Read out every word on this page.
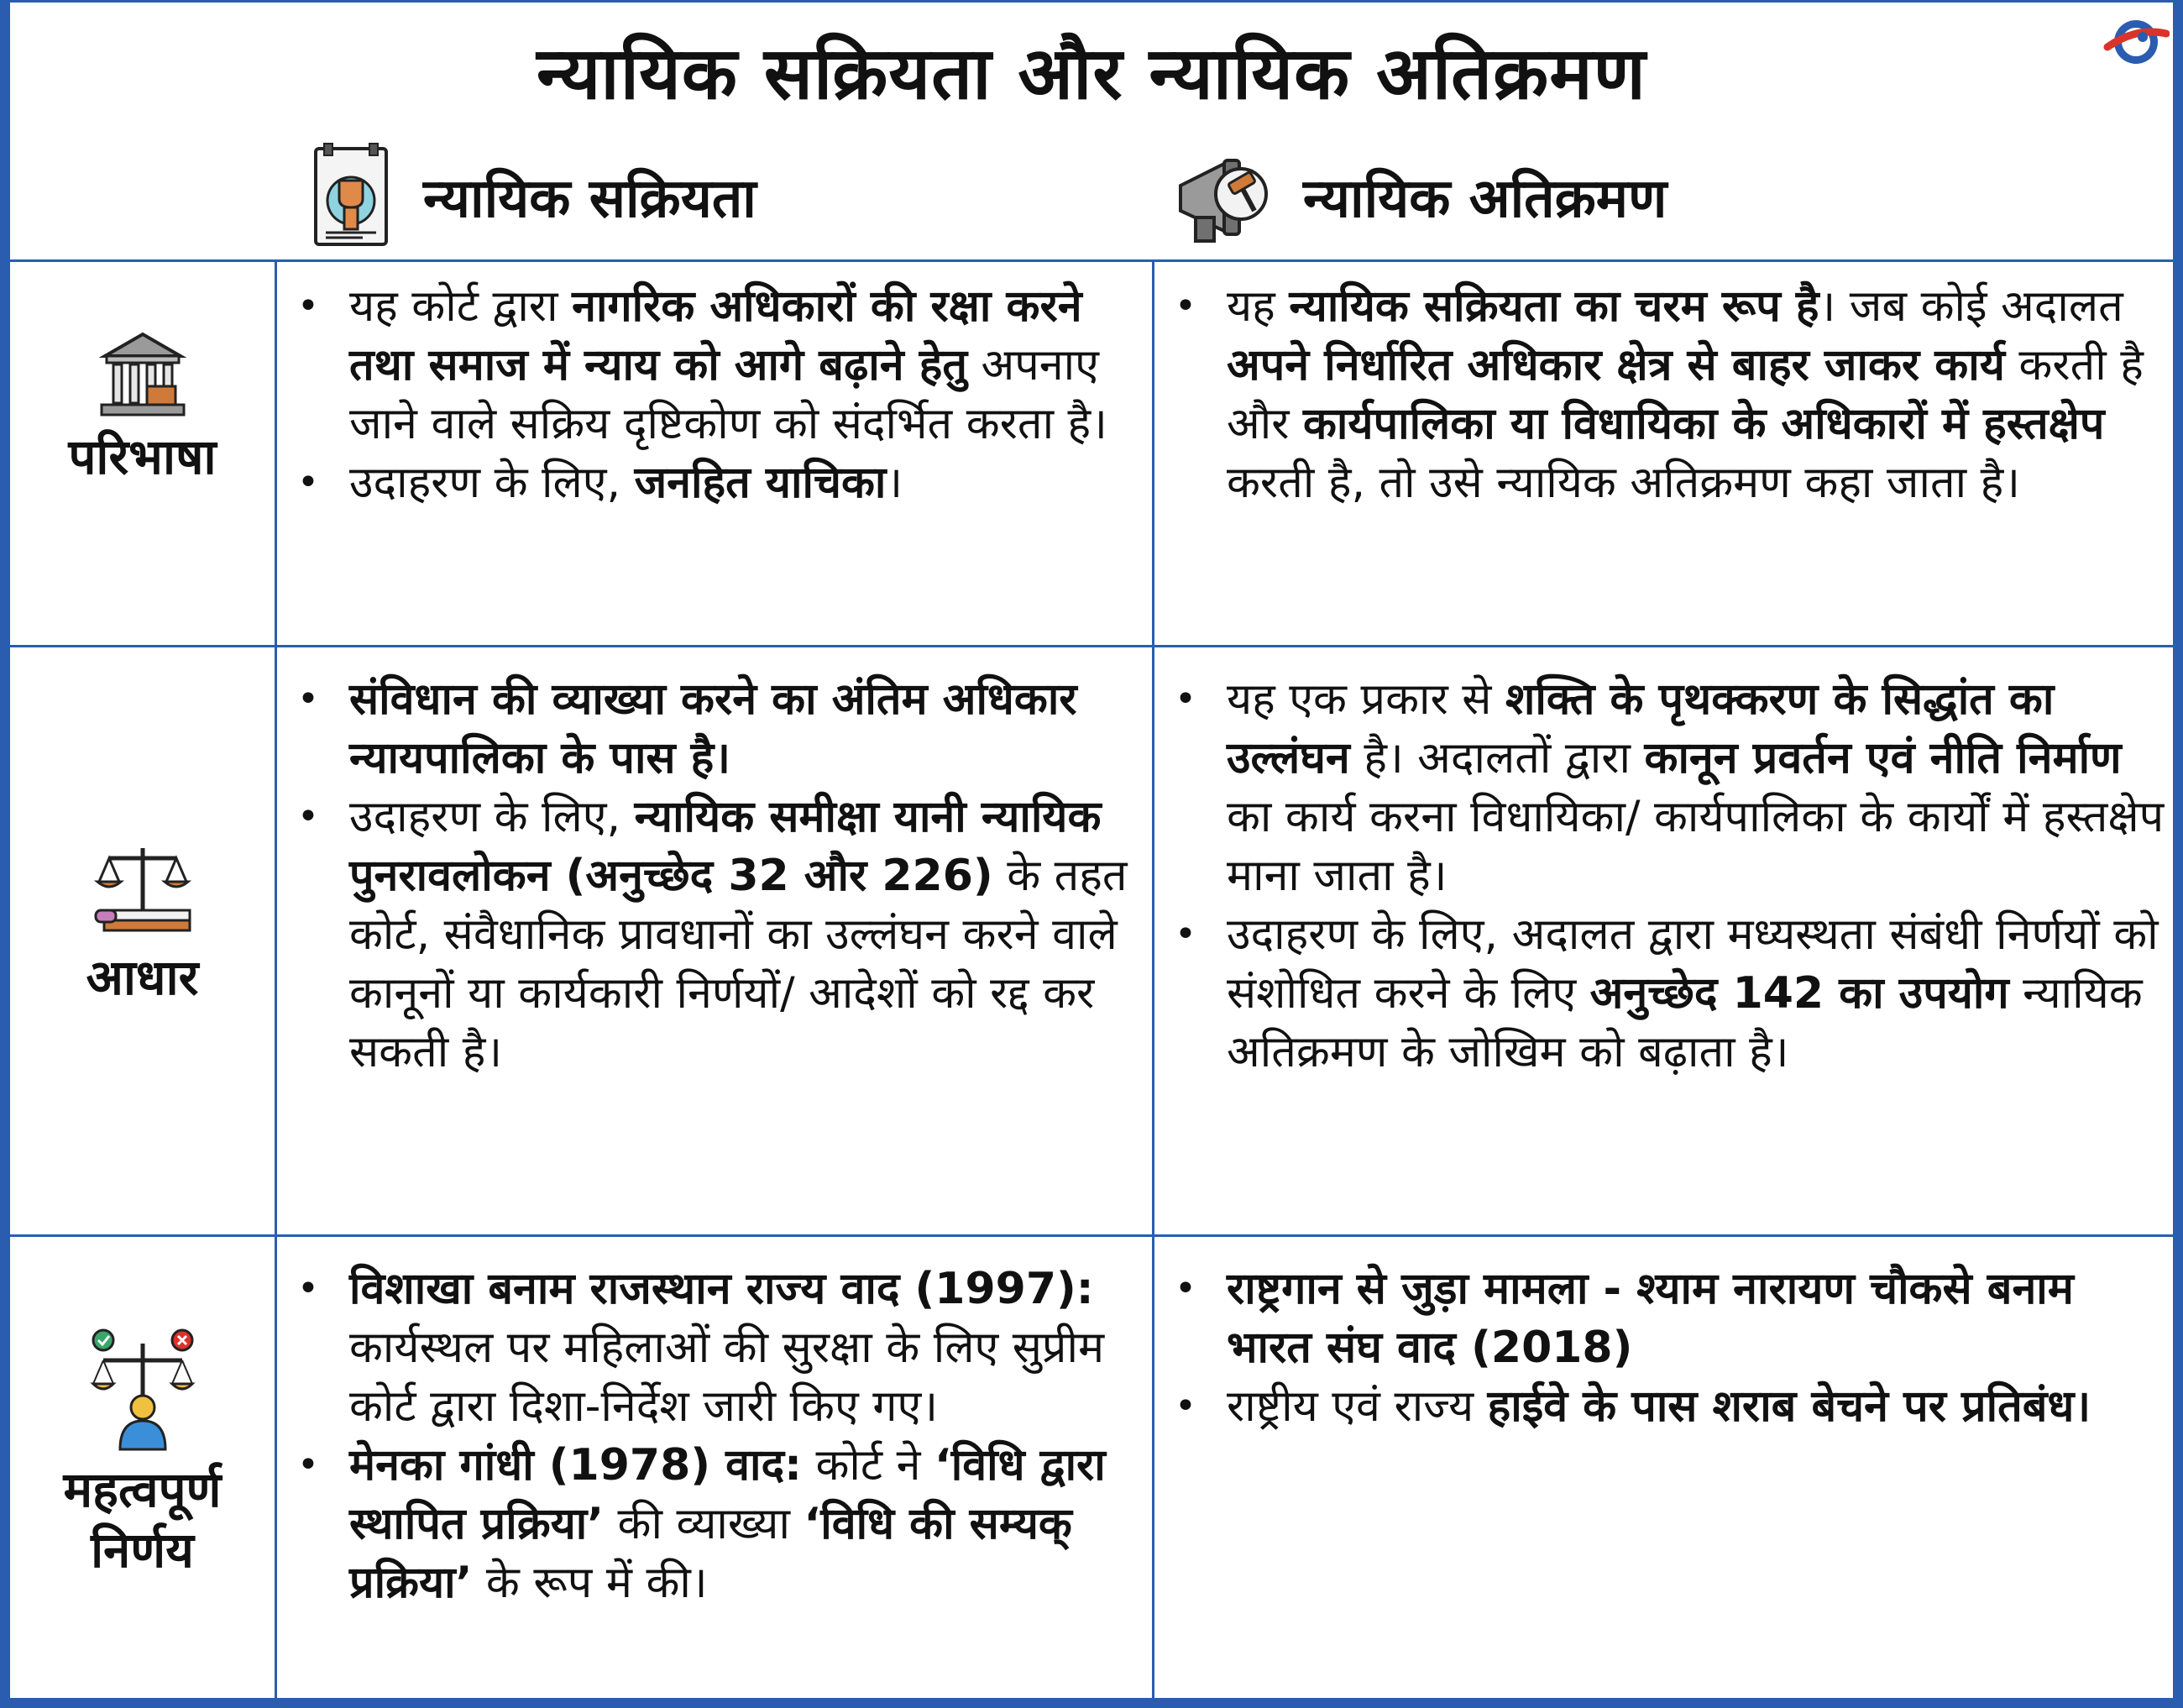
न्यायिक सक्रियता और न्यायिक अतिक्रमण
न्यायिक सक्रियता	न्यायिक अतिक्रमण
परिभाषा
• यह कोर्ट द्वारा नागरिक अधिकारों की रक्षा करने तथा समाज में न्याय को आगे बढ़ाने हेतु अपनाए जाने वाले सक्रिय दृष्टिकोण को संदर्भित करता है।
• उदाहरण के लिए, जनहित याचिका।
• यह न्यायिक सक्रियता का चरम रूप है। जब कोई अदालत अपने निर्धारित अधिकार क्षेत्र से बाहर जाकर कार्य करती है और कार्यपालिका या विधायिका के अधिकारों में हस्तक्षेप करती है, तो उसे न्यायिक अतिक्रमण कहा जाता है।
आधार
• संविधान की व्याख्या करने का अंतिम अधिकार न्यायपालिका के पास है।
• उदाहरण के लिए, न्यायिक समीक्षा यानी न्यायिक पुनरावलोकन (अनुच्छेद 32 और 226) के तहत कोर्ट, संवैधानिक प्रावधानों का उल्लंघन करने वाले कानूनों या कार्यकारी निर्णयों/ आदेशों को रद्द कर सकती है।
• यह एक प्रकार से शक्ति के पृथक्करण के सिद्धांत का उल्लंघन है। अदालतों द्वारा कानून प्रवर्तन एवं नीति निर्माण का कार्य करना विधायिका/ कार्यपालिका के कार्यों में हस्तक्षेप माना जाता है।
• उदाहरण के लिए, अदालत द्वारा मध्यस्थता संबंधी निर्णयों को संशोधित करने के लिए अनुच्छेद 142 का उपयोग न्यायिक अतिक्रमण के जोखिम को बढ़ाता है।
महत्वपूर्ण निर्णय
• विशाखा बनाम राजस्थान राज्य वाद (1997): कार्यस्थल पर महिलाओं की सुरक्षा के लिए सुप्रीम कोर्ट द्वारा दिशा-निर्देश जारी किए गए।
• मेनका गांधी (1978) वाद: कोर्ट ने ‘विधि द्वारा स्थापित प्रक्रिया’ की व्याख्या ‘विधि की सम्यक् प्रक्रिया’ के रूप में की।
• राष्ट्रगान से जुड़ा मामला - श्याम नारायण चौकसे बनाम भारत संघ वाद (2018)
• राष्ट्रीय एवं राज्य हाईवे के पास शराब बेचने पर प्रतिबंध।
